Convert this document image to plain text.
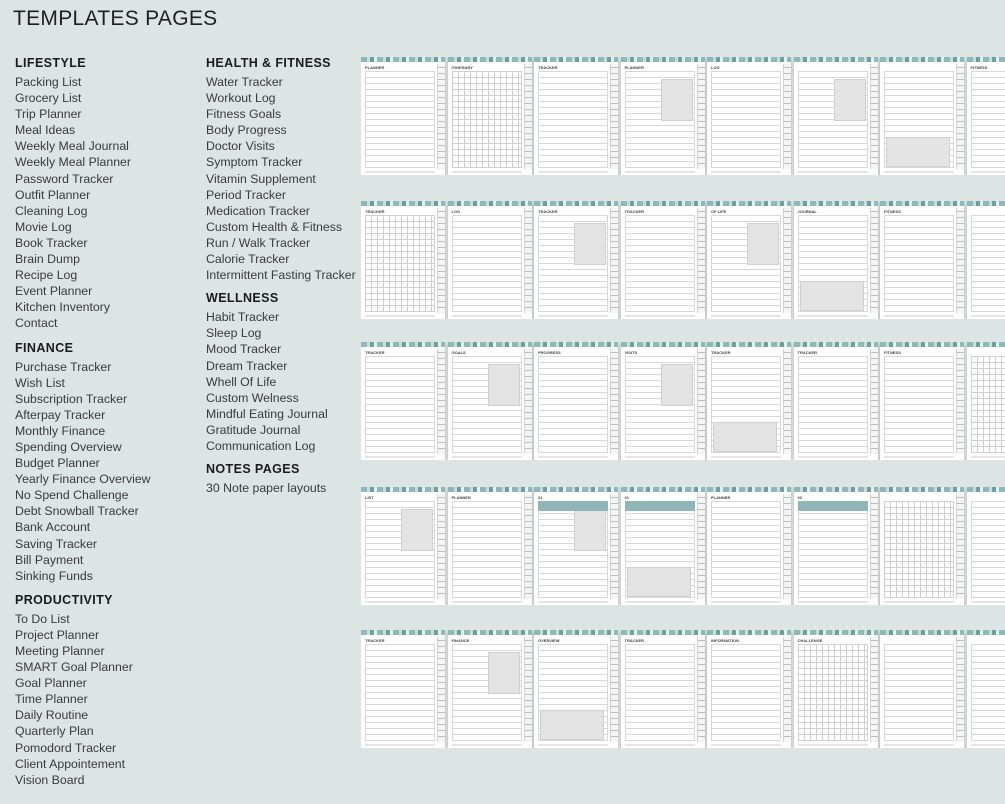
TEMPLATES PAGES
LIFESTYLE
Packing List
Grocery List
Trip Planner
Meal Ideas
Weekly Meal Journal
Weekly Meal Planner
Password Tracker
Outfit Planner
Cleaning Log
Movie Log
Book Tracker
Brain Dump
Recipe Log
Event Planner
Kitchen Inventory
Contact
FINANCE
Purchase Tracker
Wish List
Subscription Tracker
Afterpay Tracker
Monthly Finance
Spending Overview
Budget Planner
Yearly Finance Overview
No Spend Challenge
Debt Snowball Tracker
Bank Account
Saving Tracker
Bill Payment
Sinking Funds
PRODUCTIVITY
To Do List
Project Planner
Meeting Planner
SMART Goal Planner
Goal Planner
Time Planner
Daily Routine
Quarterly Plan
Pomodord Tracker
Client Appointement
Vision Board
HEALTH & FITNESS
Water Tracker
Workout Log
Fitness Goals
Body Progress
Doctor Visits
Symptom Tracker
Vitamin Supplement
Period Tracker
Medication Tracker
Custom Health & Fitness
Run / Walk Tracker
Calorie Tracker
Intermittent Fasting Tracker
WELLNESS
Habit Tracker
Sleep Log
Mood Tracker
Dream Tracker
Whell Of Life
Custom Welness
Mindful Eating Journal
Gratitude Journal
Communication Log
NOTES PAGES
30 Note paper layouts
PLANNER	ITINERARY	TRACKER	PLANNER	LOG	FITNESS
TRACKER	LOG	TRACKER	TRACKER	OF LIFE	JOURNAL	FITNESS
TRACKER	GOALS	PROGRESS	VISITS	TRACKER	TRACKER	FITNESS
LIST	PLANNER	01	01	PLANNER	03
TRACKER	FINANCE	OVERVIEW	TRACKER	INFORMATION	CHALLENGE
